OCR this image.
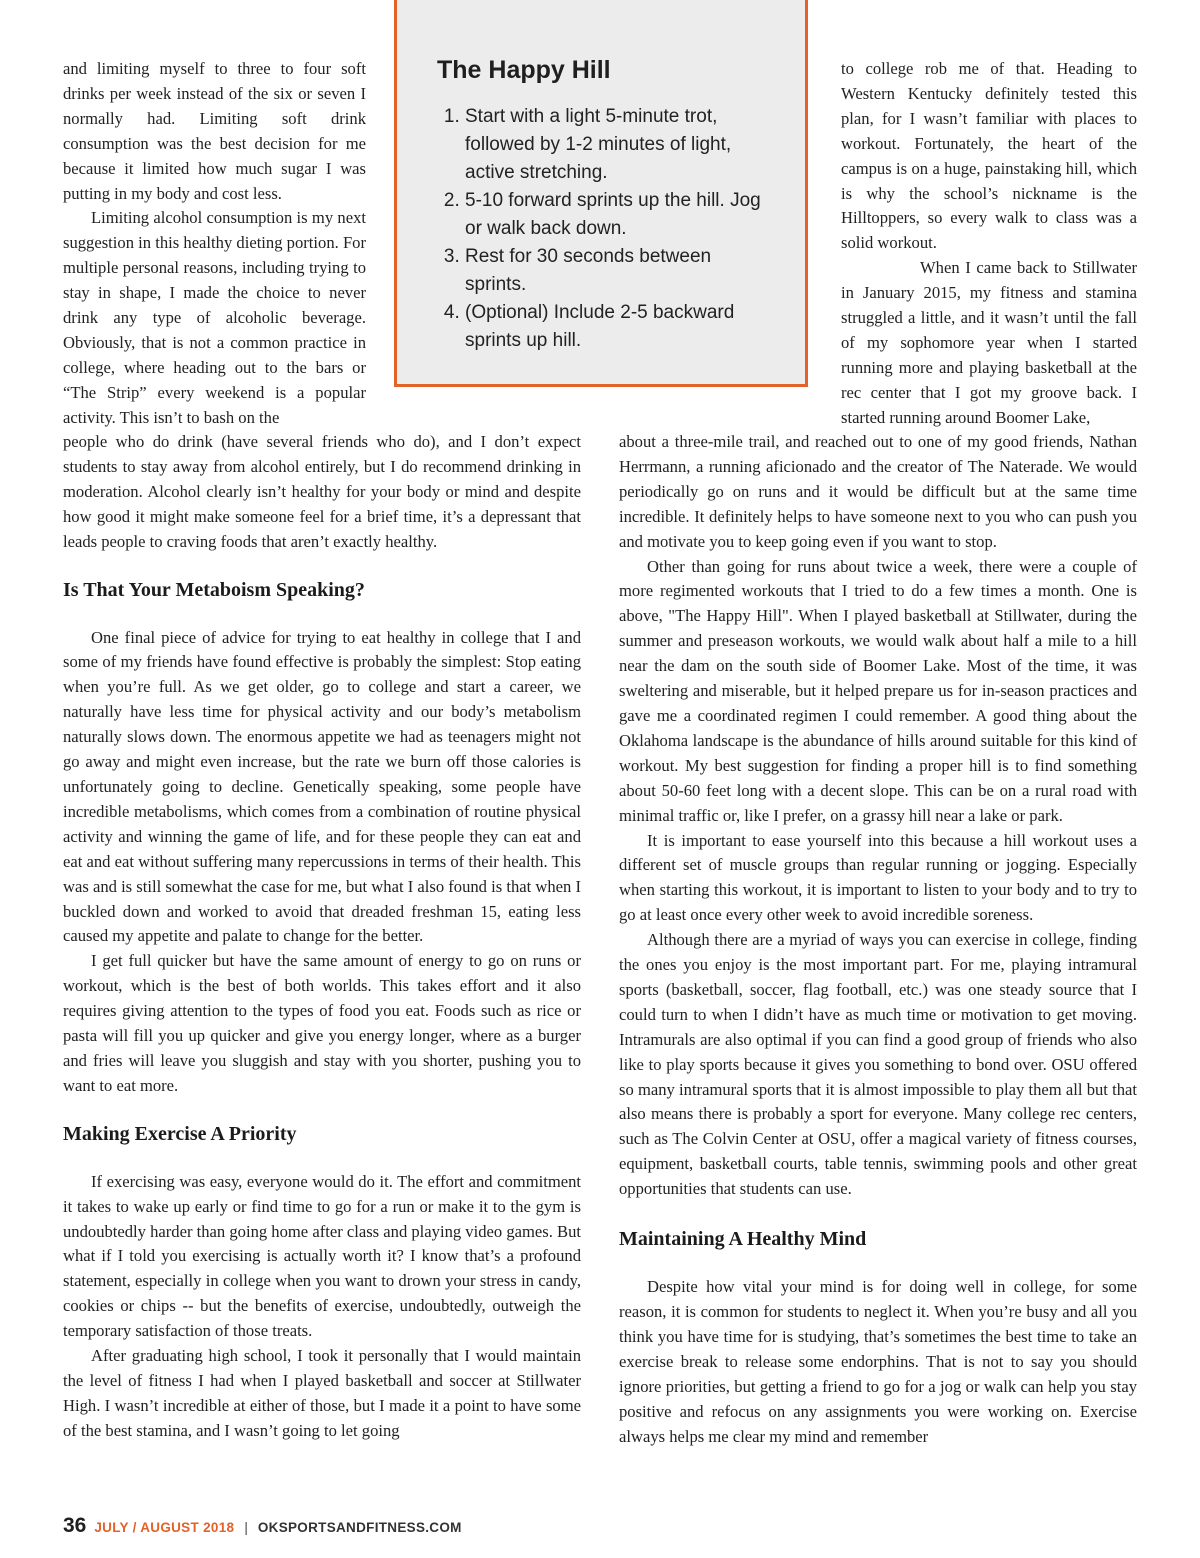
The Happy Hill
1. Start with a light 5-minute trot, followed by 1-2 minutes of light, active stretching.
2. 5-10 forward sprints up the hill. Jog or walk back down.
3. Rest for 30 seconds between sprints.
4. (Optional) Include 2-5 backward sprints up hill.

and limiting myself to three to four soft drinks per week instead of the six or seven I normally had. Limiting soft drink consumption was the best decision for me because it limited how much sugar I was putting in my body and cost less.

Limiting alcohol consumption is my next suggestion in this healthy dieting portion. For multiple personal reasons, including trying to stay in shape, I made the choice to never drink any type of alcoholic beverage. Obviously, that is not a common practice in college, where heading out to the bars or “The Strip” every weekend is a popular activity. This isn’t to bash on the

people who do drink (have several friends who do), and I don’t expect students to stay away from alcohol entirely, but I do recommend drinking in moderation. Alcohol clearly isn’t healthy for your body or mind and despite how good it might make someone feel for a brief time, it’s a depressant that leads people to craving foods that aren’t exactly healthy.

Is That Your Metaboism Speaking?

One final piece of advice for trying to eat healthy in college that I and some of my friends have found effective is probably the simplest: Stop eating when you’re full. As we get older, go to college and start a career, we naturally have less time for physical activity and our body’s metabolism naturally slows down. The enormous appetite we had as teenagers might not go away and might even increase, but the rate we burn off those calories is unfortunately going to decline. Genetically speaking, some people have incredible metabolisms, which comes from a combination of routine physical activity and winning the game of life, and for these people they can eat and eat and eat without suffering many repercussions in terms of their health. This was and is still somewhat the case for me, but what I also found is that when I buckled down and worked to avoid that dreaded freshman 15, eating less caused my appetite and palate to change for the better.

I get full quicker but have the same amount of energy to go on runs or workout, which is the best of both worlds. This takes effort and it also requires giving attention to the types of food you eat. Foods such as rice or pasta will fill you up quicker and give you energy longer, where as a burger and fries will leave you sluggish and stay with you shorter, pushing you to want to eat more.

Making Exercise A Priority

If exercising was easy, everyone would do it. The effort and commitment it takes to wake up early or find time to go for a run or make it to the gym is undoubtedly harder than going home after class and playing video games. But what if I told you exercising is actually worth it? I know that’s a profound statement, especially in college when you want to drown your stress in candy, cookies or chips -- but the benefits of exercise, undoubtedly, outweigh the temporary satisfaction of those treats.

After graduating high school, I took it personally that I would maintain the level of fitness I had when I played basketball and soccer at Stillwater High. I wasn’t incredible at either of those, but I made it a point to have some of the best stamina, and I wasn’t going to let going

to college rob me of that. Heading to Western Kentucky definitely tested this plan, for I wasn’t familiar with places to workout. Fortunately, the heart of the campus is on a huge, painstaking hill, which is why the school’s nickname is the Hilltoppers, so every walk to class was a solid workout.

When I came back to Stillwater in January 2015, my fitness and stamina struggled a little, and it wasn’t until the fall of my sophomore year when I started running more and playing basketball at the rec center that I got my groove back. I started running around Boomer Lake,

about a three-mile trail, and reached out to one of my good friends, Nathan Herrmann, a running aficionado and the creator of The Naterade. We would periodically go on runs and it would be difficult but at the same time incredible. It definitely helps to have someone next to you who can push you and motivate you to keep going even if you want to stop.

Other than going for runs about twice a week, there were a couple of more regimented workouts that I tried to do a few times a month. One is above, "The Happy Hill". When I played basketball at Stillwater, during the summer and preseason workouts, we would walk about half a mile to a hill near the dam on the south side of Boomer Lake. Most of the time, it was sweltering and miserable, but it helped prepare us for in-season practices and gave me a coordinated regimen I could remember. A good thing about the Oklahoma landscape is the abundance of hills around suitable for this kind of workout. My best suggestion for finding a proper hill is to find something about 50-60 feet long with a decent slope. This can be on a rural road with minimal traffic or, like I prefer, on a grassy hill near a lake or park.

It is important to ease yourself into this because a hill workout uses a different set of muscle groups than regular running or jogging. Especially when starting this workout, it is important to listen to your body and to try to go at least once every other week to avoid incredible soreness.

Although there are a myriad of ways you can exercise in college, finding the ones you enjoy is the most important part. For me, playing intramural sports (basketball, soccer, flag football, etc.) was one steady source that I could turn to when I didn’t have as much time or motivation to get moving. Intramurals are also optimal if you can find a good group of friends who also like to play sports because it gives you something to bond over. OSU offered so many intramural sports that it is almost impossible to play them all but that also means there is probably a sport for everyone. Many college rec centers, such as The Colvin Center at OSU, offer a magical variety of fitness courses, equipment, basketball courts, table tennis, swimming pools and other great opportunities that students can use.

Maintaining A Healthy Mind

Despite how vital your mind is for doing well in college, for some reason, it is common for students to neglect it. When you’re busy and all you think you have time for is studying, that’s sometimes the best time to take an exercise break to release some endorphins. That is not to say you should ignore priorities, but getting a friend to go for a jog or walk can help you stay positive and refocus on any assignments you were working on. Exercise always helps me clear my mind and remember

36 JULY / AUGUST 2018 | OKSPORTSANDFITNESS.COM
